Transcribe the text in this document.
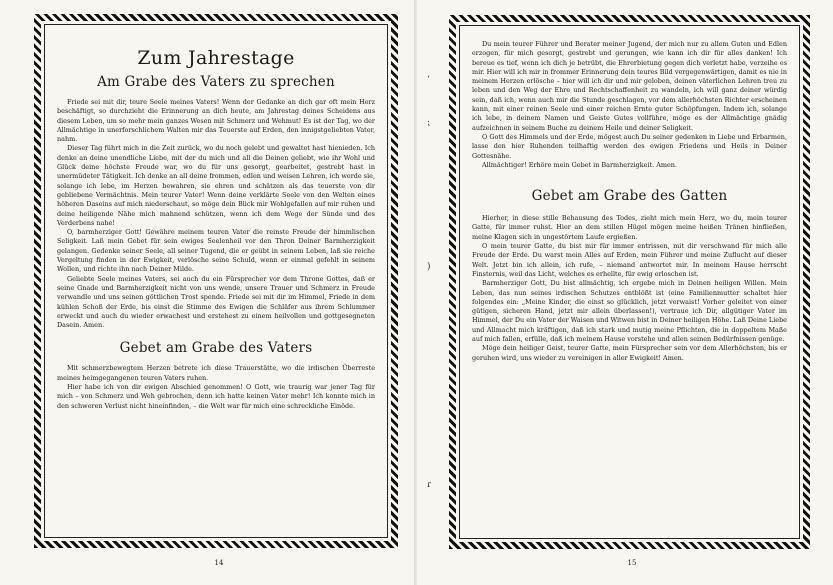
Zum Jahrestage
Am Grabe des Vaters zu sprechen

Friede sei mit dir, teure Seele meines Vaters! Wenn der Gedanke an dich gar oft mein Herz beschäftigt, so durchzieht die Erinnerung an dich heute, am Jahrestag deines Scheidens aus diesem Leben, um so mehr mein ganzes Wesen mit Schmerz und Wehmut! Es ist der Tag, wo der Allmächtige in unerforschlichem Walten mir das Teuerste auf Erden, den innigstgeliebten Vater, nahm.

Dieser Tag führt mich in die Zeit zurück, wo du noch gelebt und gewaltet hast hienieden. Ich denke an deine unendliche Liebe, mit der du mich und all die Deinen geliebt, wie ihr Wohl und Glück deine höchste Freude war, wo du für uns gesorgt, gearbeitet, gestrebt hast in unermüdeter Tätigkeit. Ich denke an all deine frommen, edlen und weisen Lehren, ich werde sie, solange ich lebe, im Herzen bewahren, sie ehren und schätzen als das teuerste von dir gebliebene Vermächtnis. Mein teurer Vater! Wenn deine verklärte Seele von den Welten eines höheren Daseins auf mich niederschaut, so möge dein Blick mir Wohlgefallen auf mir ruhen und deine heiligende Nähe mich mahnend schützen, wenn ich dem Wege der Sünde und des Verderbens nahe!

O, barmherziger Gott! Gewähre meinem teuren Vater die reinste Freude der himmlischen Seligkeit. Laß mein Gebet für sein ewiges Seelenheil vor den Thron Deiner Barmherzigkeit gelangen. Gedenke seiner Seele, all seiner Tugend, die er geübt in seinem Leben, laß sie reiche Vergeltung finden in der Ewigkeit, verlösche seine Schuld, wenn er einmal gefehlt in seinem Wollen, und richte ihn nach Deiner Milde.

Geliebte Seele meines Vaters, sei auch du ein Fürsprecher vor dem Throne Gottes, daß er seine Gnade und Barmherzigkeit nicht von uns wende, unsere Trauer und Schmerz in Freude verwandle und uns seinen göttlichen Trost spende. Friede sei mit dir im Himmel, Friede in dem kühlen Schoß der Erde, bis einst die Stimme des Ewigen die Schläfer aus ihrem Schlummer erweckt und auch du wieder erwachest und erstehest zu einem heilvollen und gottgesegneten Dasein. Amen.

Gebet am Grabe des Vaters

Mit schmerzbewegtem Herzen betrete ich diese Trauerstätte, wo die irdischen Überreste meines heimgegangenen teuren Vaters ruhen.

Hier habe ich von dir ewigen Abschied genommen! O Gott, wie traurig war jener Tag für mich – von Schmerz und Weh gebrochen, denn ich hatte keinen Vater mehr! Ich konnte mich in den schweren Verlust nicht hineinfinden, – die Welt war für mich eine schreckliche Einöde.

14
‘
⁏
)
ɾ

Du mein teurer Führer und Berater meiner Jugend, der mich nur zu allem Guten und Edlen erzogen, für mich gesorgt, gestrebt und gerungen, wie kann ich dir für alles danken! Ich bereue es tief, wenn ich dich je betrübt, die Ehrerbietung gegen dich verletzt habe, verzeihe es mir. Hier will ich mir in frommer Erinnerung dein teures Bild vergegenwärtigen, damit es nie in meinem Herzen erlösche – hier will ich dir und mir geloben, deinen väterlichen Lehren treu zu leben und den Weg der Ehre und Rechtschaffenheit zu wandeln, ich will ganz deiner würdig sein, daß ich, wenn auch mir die Stunde geschlagen, vor dem allerhöchsten Richter erscheinen kann, mit einer reinen Seele und einer reichen Ernte guter Schöpfungen. Indem ich, solange ich lebe, in deinem Namen und Geiste Gutes vollführe, möge es der Allmächtige gnädig aufzeichnen in seinem Buche zu deinem Heile und deiner Seligkeit.

O Gott des Himmels und der Erde, mögest auch Du seiner gedenken in Liebe und Erbarmen, lasse den hier Ruhenden teilhaftig werden des ewigen Friedens und Heils in Deiner Gottesnähe.

Allmächtiger! Erhöre mein Gebet in Barmherzigkeit. Amen.

Gebet am Grabe des Gatten

Hierher, in diese stille Behausung des Todes, zieht mich mein Herz, wo du, mein teurer Gatte, für immer ruhst. Hier an dem stillen Hügel mögen meine heißen Tränen hinfließen, meine Klagen sich in ungestörtem Laufe ergießen.

O mein teurer Gatte, du bist mir für immer entrissen, mit dir verschwand für mich alle Freude der Erde. Du warst mein Alles auf Erden, mein Führer und meine Zuflucht auf dieser Welt. Jetzt bin ich allein, ich rufe, – niemand antwortet mir. In meinem Hause herrscht Finsternis, weil das Licht, welches es erhellte, für ewig erloschen ist.

Barmherziger Gott, Du bist allmächtig, ich ergebe mich in Deinen heiligen Willen. Mein Leben, das nun seines irdischen Schutzes entblößt ist (eine Familienmutter schaltet hier folgendes ein: „Meine Kinder, die einst so glücklich, jetzt verwaist! Vorher geleitet von einer gütigen, sicheren Hand, jetzt mir allein überlassen!), vertraue ich Dir, allgütiger Vater im Himmel, der Du ein Vater der Waisen und Witwen bist in Deiner heiligen Höhe. Laß Deine Liebe und Allmacht mich kräftigen, daß ich stark und mutig meine Pflichten, die in doppeltem Maße auf mich fallen, erfülle, daß ich meinem Hause vorstehe und allen seinen Bedürfnissen genüge.

Möge dein heiliger Geist, teurer Gatte, mein Fürsprecher sein vor dem Allerhöchsten, bis er geruhen wird, uns wieder zu vereinigen in aller Ewigkeit! Amen.

15
